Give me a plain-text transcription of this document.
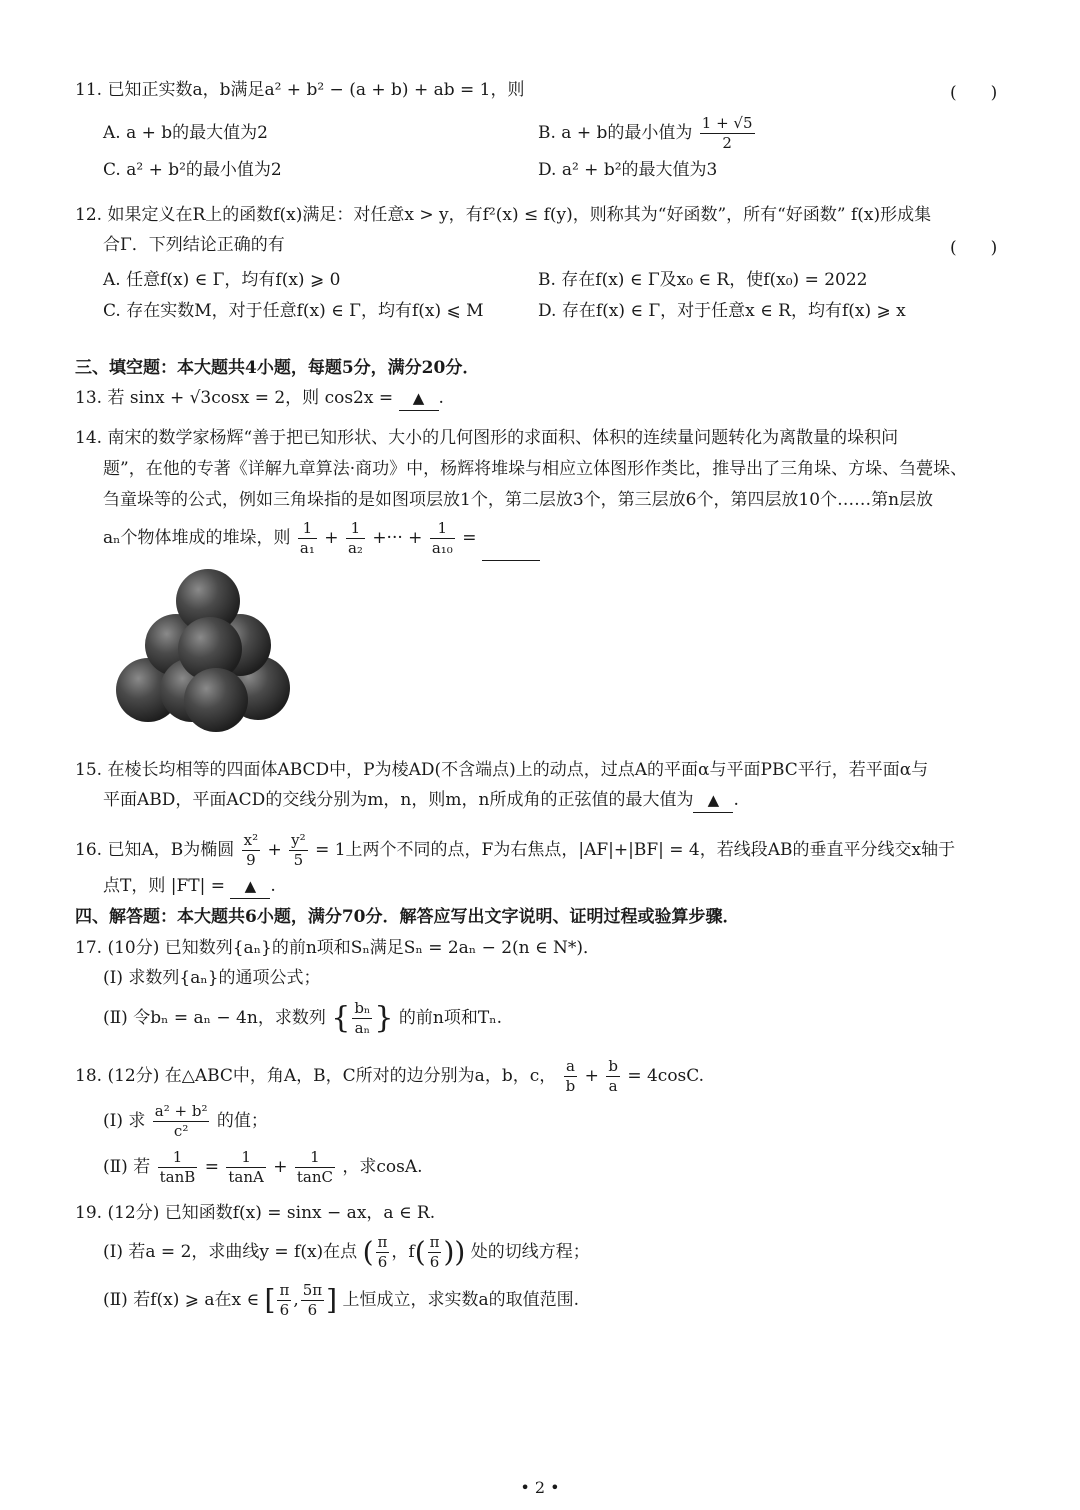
11. 已知正实数a，b满足a² + b² − (a + b) + ab = 1，则	(　　)
A. a + b的最大值为2	B. a + b的最小值为 $\frac{1 + √5}{2}$
C. a² + b²的最小值为2	D. a² + b²的最大值为3
12. 如果定义在R上的函数f(x)满足：对任意x > y，有f²(x) ≤ f(y)，则称其为“好函数”，所有“好函数” f(x)形成集
合Γ．下列结论正确的有	(　　)
A. 任意f(x) ∈ Γ，均有f(x) ⩾ 0	B. 存在f(x) ∈ Γ及x₀ ∈ R，使f(x₀) = 2022
C. 存在实数M，对于任意f(x) ∈ Γ，均有f(x) ⩽ M	D. 存在f(x) ∈ Γ，对于任意x ∈ R，均有f(x) ⩾ x
三、填空题：本大题共4小题，每题5分，满分20分．
13. 若 sinx + √3cosx = 2，则 cos2x = ▲ .
14. 南宋的数学家杨辉“善于把已知形状、大小的几何图形的求面积、体积的连续量问题转化为离散量的垛积问
题”，在他的专著《详解九章算法·商功》中，杨辉将堆垛与相应立体图形作类比，推导出了三角垛、方垛、刍甍垛、
刍童垛等的公式，例如三角垛指的是如图项层放1个，第二层放3个，第三层放6个，第四层放10个……第n层放
aₙ个物体堆成的堆垛，则 $\frac{1}{\text{a₁}} + \frac{1}{\text{a₂}}$ +··· + $\frac{1}{\text{a₁₀}}$ =
15. 在棱长均相等的四面体ABCD中，P为棱AD(不含端点)上的动点，过点A的平面α与平面PBC平行，若平面α与
平面ABD，平面ACD的交线分别为m，n，则m，n所成角的正弦值的最大值为 ▲ .
16. 已知A，B为椭圆 $\frac{\text{x²}}{9} + \frac{\text{y²}}{5} = 1$上两个不同的点，F为右焦点，|AF|+|BF| = 4，若线段AB的垂直平分线交x轴于
点T，则 |FT| = ▲ .
四、解答题：本大题共6小题，满分70分．解答应写出文字说明、证明过程或验算步骤．
17. (10分) 已知数列{aₙ}的前n项和Sₙ满足Sₙ = 2aₙ − 2(n ∈ N*)．
(Ⅰ) 求数列{aₙ}的通项公式；
(Ⅱ) 令bₙ = aₙ − 4n，求数列 { $\frac{\text{bₙ}}{\text{aₙ}}$ } 的前n项和Tₙ.
18. (12分) 在△ABC中，角A，B，C所对的边分别为a，b，c， $\frac{a}{b} + \frac{b}{a} = 4\cos C$.
(Ⅰ) 求 $\frac{\text{a² + b²}}{\text{c²}}$ 的值；
(Ⅱ) 若 $\frac{1}{\tan B} = \frac{1}{\tan A} + \frac{1}{\tan C}$ ，求cosA.
19. (12分) 已知函数f(x) = sinx − ax，a ∈ R.
(Ⅰ) 若a = 2，求曲线y = f(x)在点 ( $\frac{\pi}{6}$ ，$f( \frac{\pi}{6}$ )) 处的切线方程；
(Ⅱ) 若f(x) ⩾ a在x ∈ [ $\frac{\pi}{6}$ , $\frac{5\pi}{6}$ ] 上恒成立，求实数a的取值范围.
• 2 •
